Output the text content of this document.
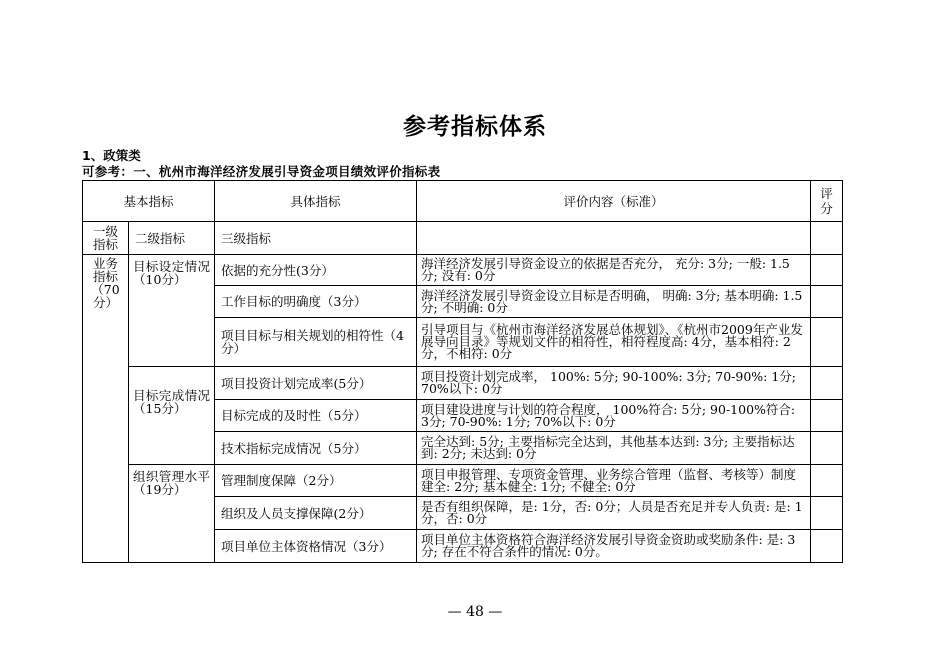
参考指标体系
1、政策类
可参考：一、杭州市海洋经济发展引导资金项目绩效评价指标表
基本指标		具体指标	评价内容（标准）	评分
一级指标	二级指标	三级指标		
业务指标（70分）	目标设定情况（10分）	依据的充分性(3分）	海洋经济发展引导资金设立的依据是否充分， 充分: 3分; 一般: 1.5分; 没有: 0分	
		工作目标的明确度（3分）	海洋经济发展引导资金设立目标是否明确， 明确: 3分; 基本明确: 1.5分; 不明确: 0分	
		项目目标与相关规划的相符性（4分）	引导项目与《杭州市海洋经济发展总体规划》、《杭州市2009年产业发展导向目录》等规划文件的相符性，相符程度高: 4分，基本相符: 2分，不相符: 0分	
	目标完成情况 （15分）	项目投资计划完成率(5分）	项目投资计划完成率， 100%: 5分; 90-100%: 3分; 70-90%: 1分; 70%以下: 0分	
		目标完成的及时性（5分）	项目建设进度与计划的符合程度， 100%符合: 5分; 90-100%符合: 3分; 70-90%: 1分; 70%以下: 0分	
		技术指标完成情况（5分）	完全达到: 5分; 主要指标完全达到，其他基本达到: 3分; 主要指标达到: 2分; 未达到: 0分	
	组织管理水平（19分）	管理制度保障（2分）	项目申报管理、专项资金管理、业务综合管理（监督、考核等）制度建全: 2分; 基本健全: 1分; 不健全: 0分	
		组织及人员支撑保障(2分）	是否有组织保障，是: 1分，否: 0分；人员是否充足并专人负责: 是: 1分，否: 0分	
		项目单位主体资格情况（3分）	项目单位主体资格符合海洋经济发展引导资金资助或奖励条件: 是: 3分; 存在不符合条件的情况: 0分。	
— 48 —
